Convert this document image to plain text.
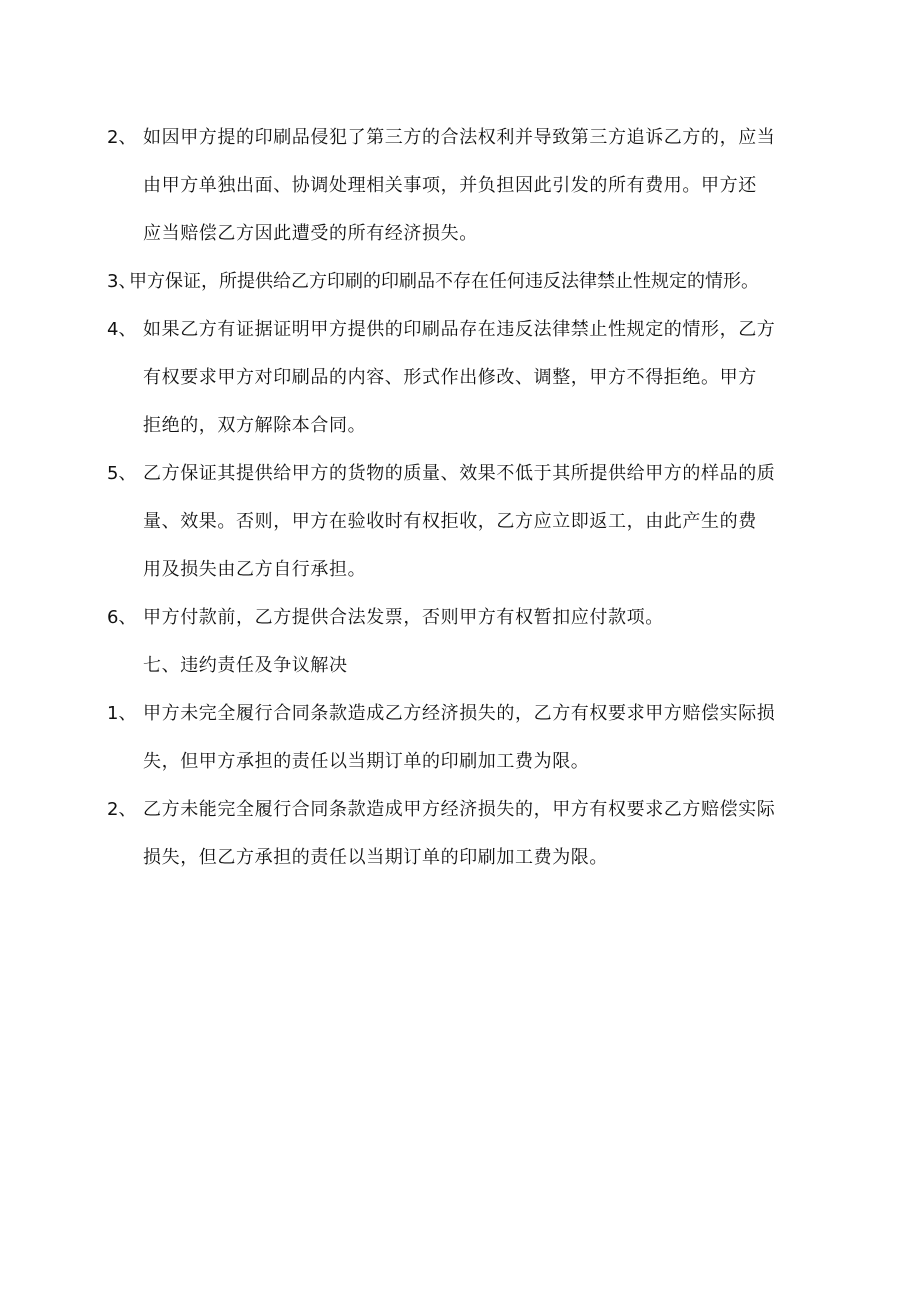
2、 如因甲方提的印刷品侵犯了第三方的合法权利并导致第三方追诉乙方的，应当
由甲方单独出面、协调处理相关事项，并负担因此引发的所有费用。甲方还
应当赔偿乙方因此遭受的所有经济损失。
3、
甲方保证，所提供给乙方印刷的印刷品不存在任何违反法律禁止性规定的情形。
4、 如果乙方有证据证明甲方提供的印刷品存在违反法律禁止性规定的情形，乙方
有权要求甲方对印刷品的内容、形式作出修改、调整，甲方不得拒绝。甲方
拒绝的，双方解除本合同。
5、 乙方保证其提供给甲方的货物的质量、效果不低于其所提供给甲方的样品的质
量、效果。否则，甲方在验收时有权拒收，乙方应立即返工，由此产生的费
用及损失由乙方自行承担。
6、 甲方付款前，乙方提供合法发票，否则甲方有权暂扣应付款项。
七、违约责任及争议解决
1、 甲方未完全履行合同条款造成乙方经济损失的，乙方有权要求甲方赔偿实际损
失，但甲方承担的责任以当期订单的印刷加工费为限。
2、 乙方未能完全履行合同条款造成甲方经济损失的，甲方有权要求乙方赔偿实际
损失，但乙方承担的责任以当期订单的印刷加工费为限。
